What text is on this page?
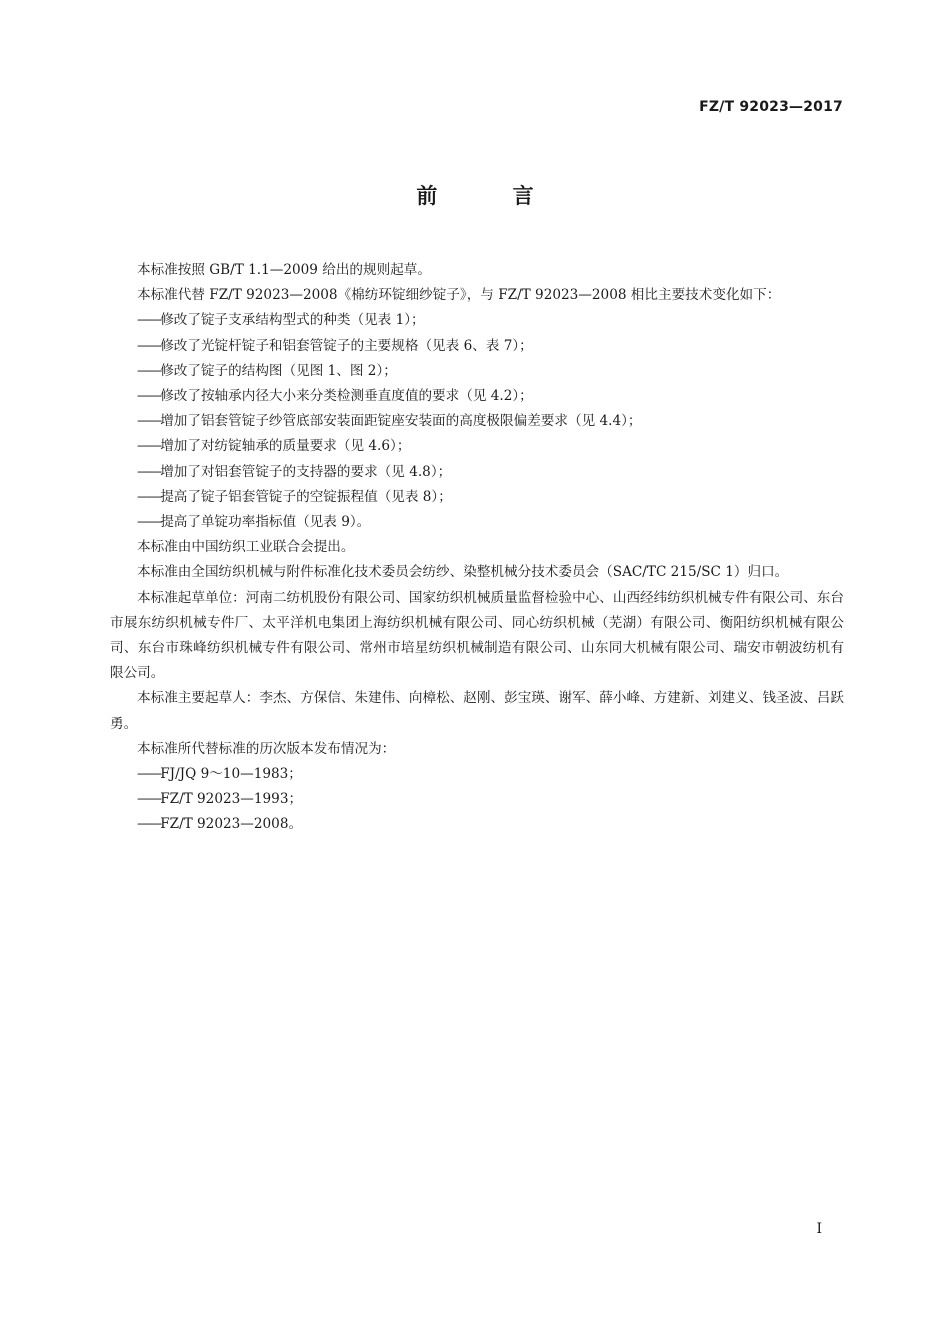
FZ/T 92023—2017
前 言

本标准按照 GB/T 1.1—2009 给出的规则起草。

本标准代替 FZ/T 92023—2008《棉纺环锭细纱锭子》，与 FZ/T 92023—2008 相比主要技术变化如下：

——修改了锭子支承结构型式的种类（见表 1）；

——修改了光锭杆锭子和铝套管锭子的主要规格（见表 6、表 7）；

——修改了锭子的结构图（见图 1、图 2）；

——修改了按轴承内径大小来分类检测垂直度值的要求（见 4.2）；

——增加了铝套管锭子纱管底部安装面距锭座安装面的高度极限偏差要求（见 4.4）；

——增加了对纺锭轴承的质量要求（见 4.6）；

——增加了对铝套管锭子的支持器的要求（见 4.8）；

——提高了锭子铝套管锭子的空锭振程值（见表 8）；

——提高了单锭功率指标值（见表 9）。

本标准由中国纺织工业联合会提出。

本标准由全国纺织机械与附件标准化技术委员会纺纱、染整机械分技术委员会（SAC/TC 215/SC 1）归口。

本标准起草单位：河南二纺机股份有限公司、国家纺织机械质量监督检验中心、山西经纬纺织机械专件有限公司、东台市展东纺织机械专件厂、太平洋机电集团上海纺织机械有限公司、同心纺织机械（芜湖）有限公司、衡阳纺织机械有限公司、东台市珠峰纺织机械专件有限公司、常州市培星纺织机械制造有限公司、山东同大机械有限公司、瑞安市朝波纺机有限公司。

本标准主要起草人：李杰、方保信、朱建伟、向樟松、赵刚、彭宝瑛、谢军、薛小峰、方建新、刘建义、钱圣波、吕跃勇。

本标准所代替标准的历次版本发布情况为：

——FJ/JQ 9～10—1983；

——FZ/T 92023—1993；

——FZ/T 92023—2008。

I
